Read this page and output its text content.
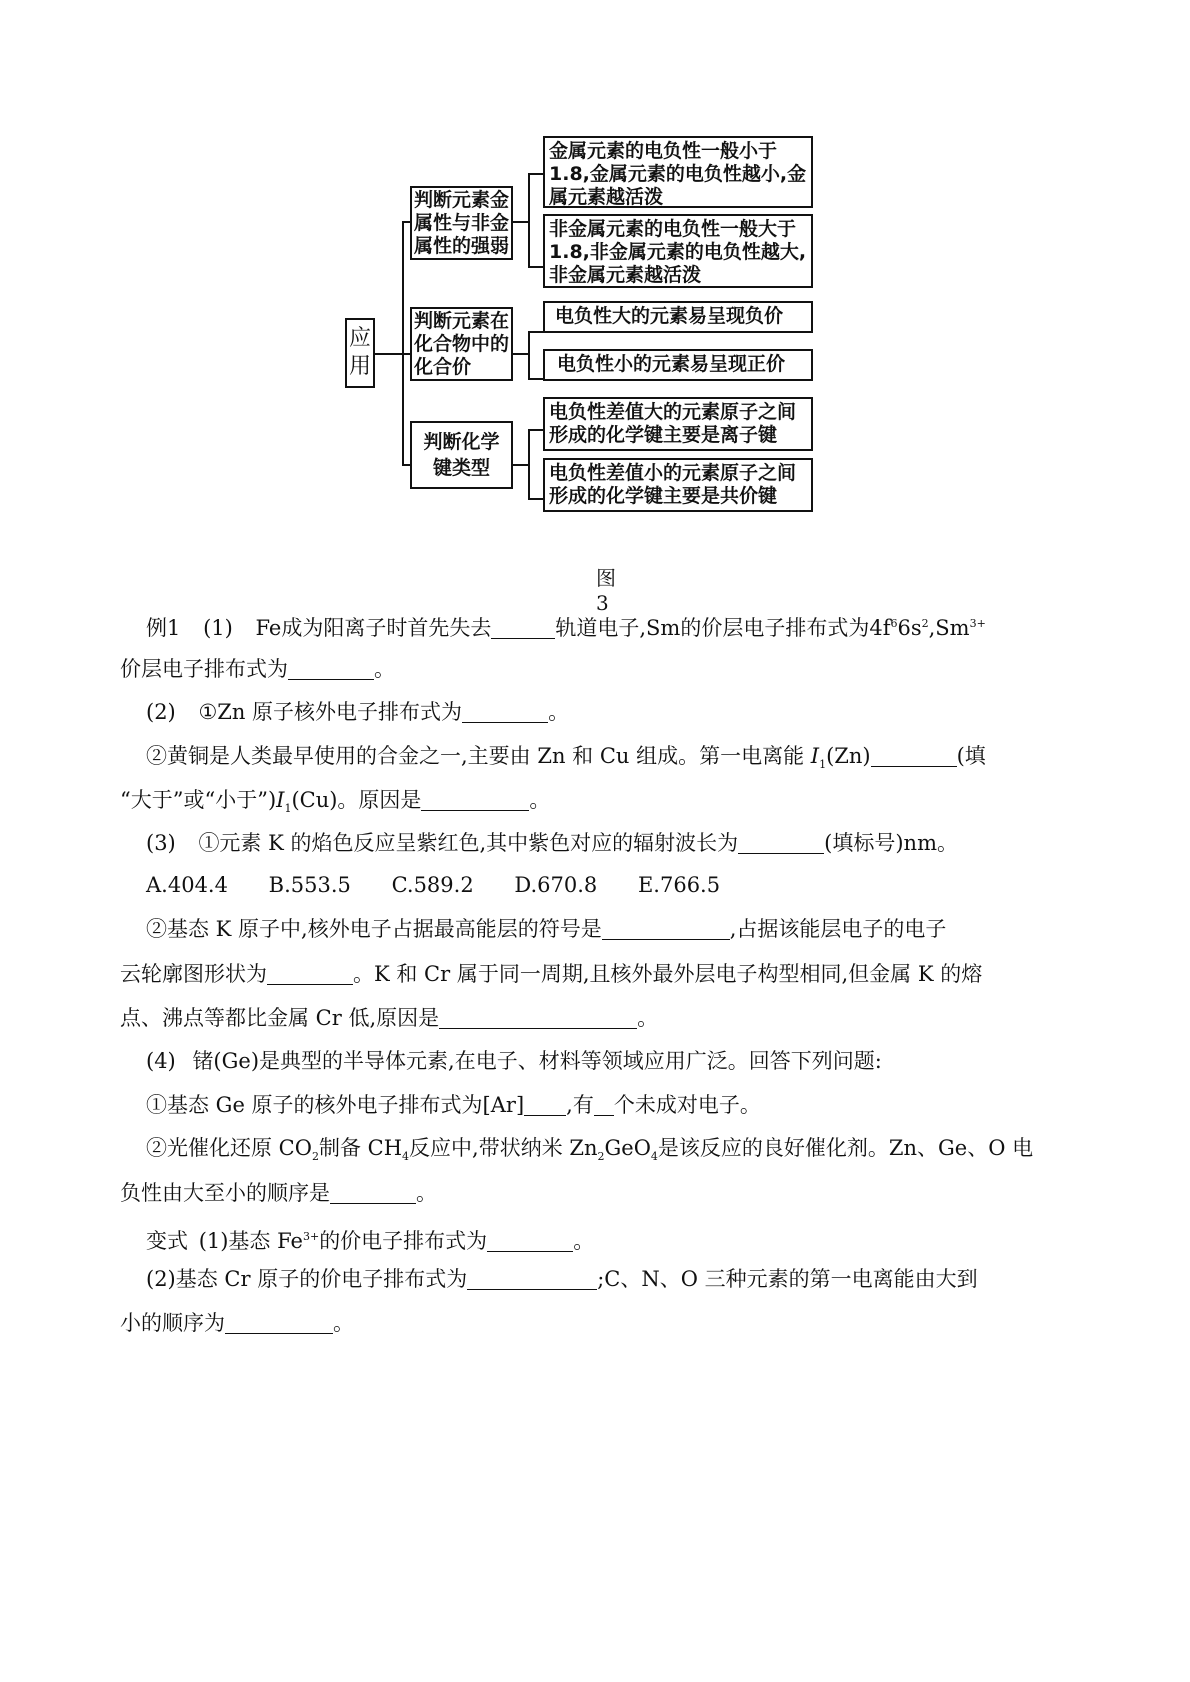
应用
判断元素金属性与非金属性的强弱
判断元素在化合物中的化合价
判断化学键类型
金属元素的电负性一般小于1.8,金属元素的电负性越小,金属元素越活泼
非金属元素的电负性一般大于1.8,非金属元素的电负性越大,非金属元素越活泼
电负性大的元素易呈现负价
电负性小的元素易呈现正价
电负性差值大的元素原子之间形成的化学键主要是离子键
电负性差值小的元素原子之间形成的化学键主要是共价键
图 3
例1 (1) Fe成为阳离子时首先失去	轨道电子,Sm的价层电子排布式为$4f^66s^2,Sm^{3+}$
价层电子排布式为	。
(2) ①Zn 原子核外电子排布式为	。
②黄铜是人类最早使用的合金之一,主要由 Zn 和 Cu 组成。第一电离能 $I_1(Zn)$	(填
“大于”或“小于$”)I_1(Cu)$。原因是	。
(3) ①元素 K 的焰色反应呈紫红色,其中紫色对应的辐射波长为	(填标号)nm。
A.404.4 B.553.5 C.589.2 D.670.8 E.766.5
②基态 K 原子中,核外电子占据最高能层的符号是	,占据该能层电子的电子
云轮廓图形状为	。K 和 Cr 属于同一周期,且核外最外层电子构型相同,但金属 K 的熔
点、沸点等都比金属 Cr 低,原因是	。
(4) 锗(Ge)是典型的半导体元素,在电子、材料等领域应用广泛。回答下列问题:
①基态 Ge 原子的核外电子排布式为[Ar] ,有 个未成对电子。
②光催化还原 $CO_2$制备 $CH_4$反应中,带状纳米 $Zn_2GeO_4$是该反应的良好催化剂。Zn、Ge、O 电
负性由大至小的顺序是	。
变式 (1)基态 $Fe^{3+}$的价电子排布式为	。
(2)基态 Cr 原子的价电子排布式为	;C、N、O 三种元素的第一电离能由大到
小的顺序为	。
